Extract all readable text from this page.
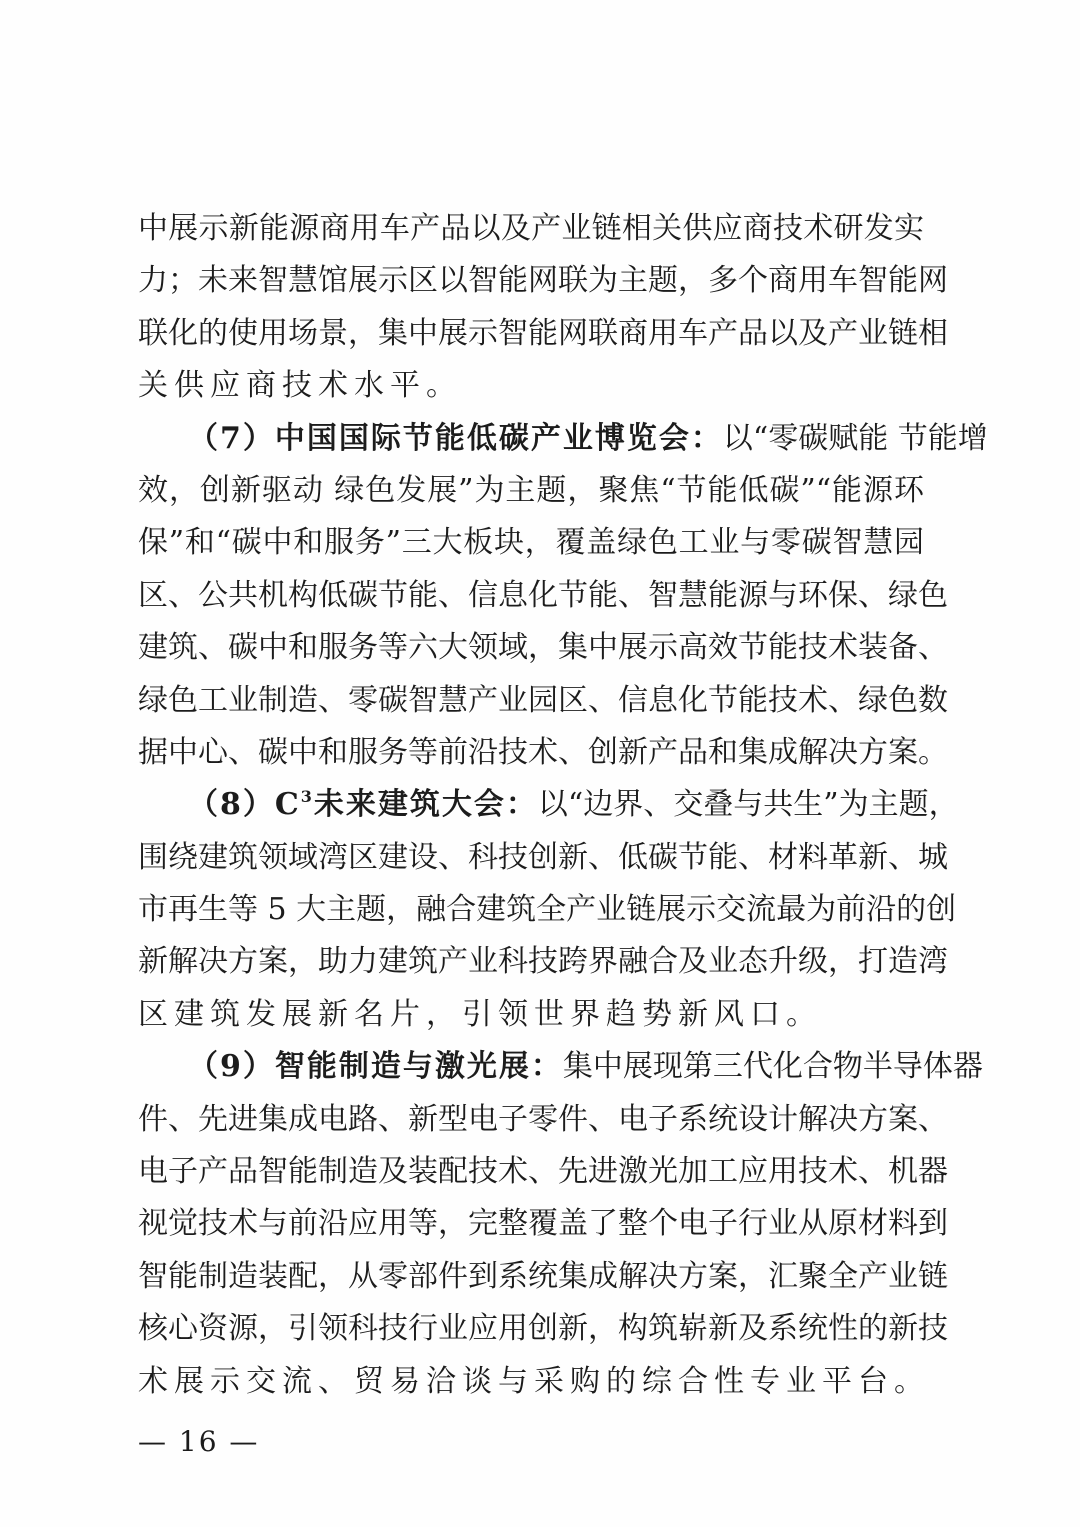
中展示新能源商用车产品以及产业链相关供应商技术研发实
力；未来智慧馆展示区以智能网联为主题，多个商用车智能网
联化的使用场景，集中展示智能网联商用车产品以及产业链相
关供应商技术水平。
（7）中国国际节能低碳产业博览会：以“零碳赋能 节能增
效，创新驱动 绿色发展”为主题，聚焦“节能低碳”“能源环
保”和“碳中和服务”三大板块，覆盖绿色工业与零碳智慧园
区、公共机构低碳节能、信息化节能、智慧能源与环保、绿色
建筑、碳中和服务等六大领域，集中展示高效节能技术装备、
绿色工业制造、零碳智慧产业园区、信息化节能技术、绿色数
据中心、碳中和服务等前沿技术、创新产品和集成解决方案。
$(8)C^3$未来建筑大会：以“边界、交叠与共生”为主题，
围绕建筑领域湾区建设、科技创新、低碳节能、材料革新、城
市再生等 5 大主题，融合建筑全产业链展示交流最为前沿的创
新解决方案，助力建筑产业科技跨界融合及业态升级，打造湾
区建筑发展新名片，引领世界趋势新风口。
（9）智能制造与激光展：集中展现第三代化合物半导体器
件、先进集成电路、新型电子零件、电子系统设计解决方案、
电子产品智能制造及装配技术、先进激光加工应用技术、机器
视觉技术与前沿应用等，完整覆盖了整个电子行业从原材料到
智能制造装配，从零部件到系统集成解决方案，汇聚全产业链
核心资源，引领科技行业应用创新，构筑崭新及系统性的新技
术展示交流、贸易洽谈与采购的综合性专业平台。
— 16 —
